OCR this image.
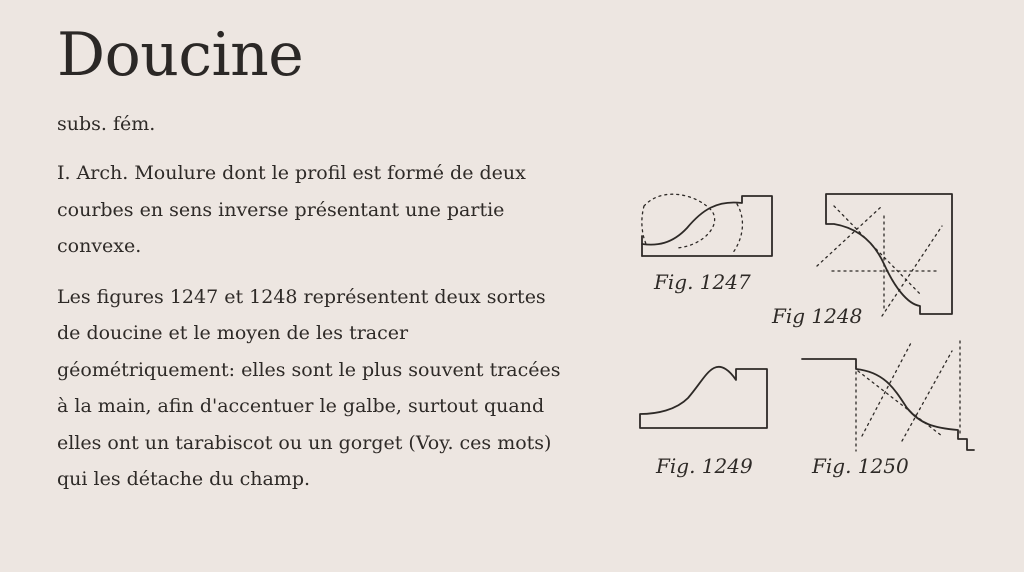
Doucine

subs. fém.

I. Arch. Moulure dont le profil est formé de deux courbes en sens inverse présentant une partie convexe.

Les figures 1247 et 1248 représentent deux sortes de doucine et le moyen de les tracer géométriquement: elles sont le plus souvent tracées à la main, afin d'accentuer le galbe, surtout quand elles ont un tarabiscot ou un gorget (Voy. ces mots) qui les détache du champ.

Fig. 1247
Fig 1248
Fig. 1249	Fig. 1250
